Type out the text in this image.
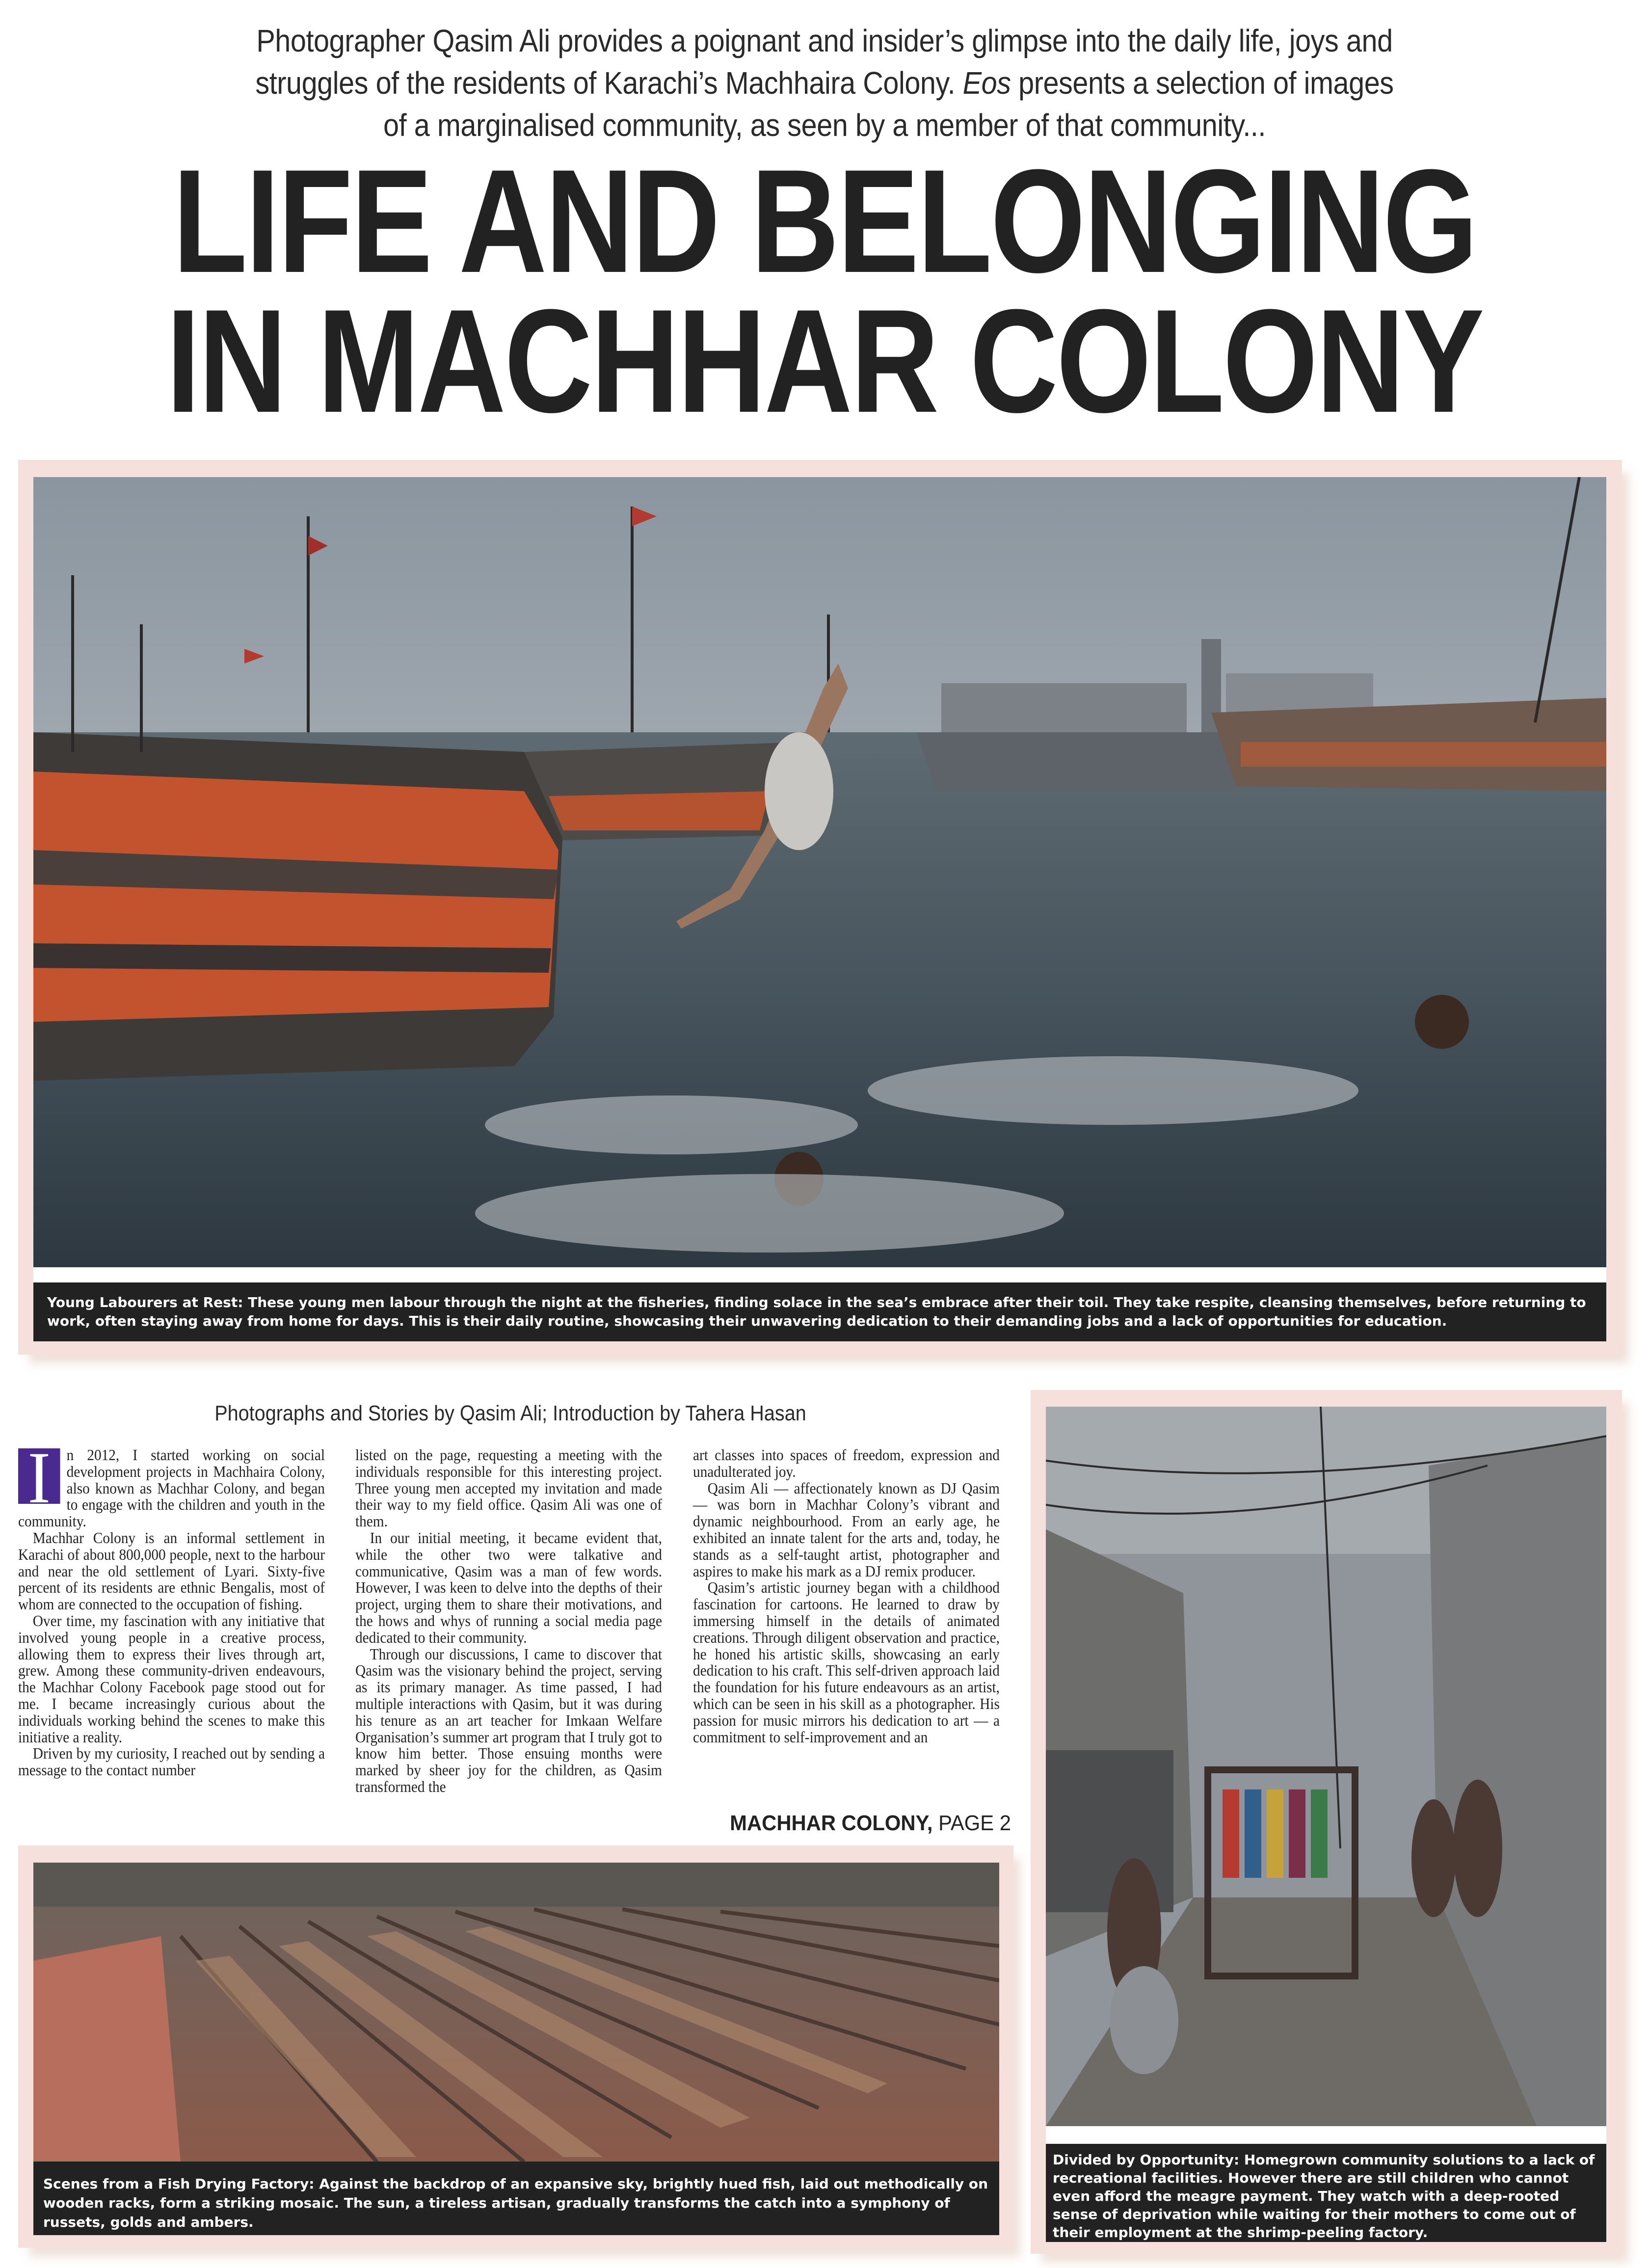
Photographer Qasim Ali provides a poignant and insider’s glimpse into the daily life, joys and
struggles of the residents of Karachi’s Machhaira Colony. Eos presents a selection of images
of a marginalised community, as seen by a member of that community...
LIFE AND BELONGING
IN MACHHAR COLONY
Young Labourers at Rest: These young men labour through the night at the fisheries, finding solace in the sea’s embrace after their toil. They take respite, cleansing themselves, before returning to work, often staying away from home for days. This is their daily routine, showcasing their unwavering dedication to their demanding jobs and a lack of opportunities for education.
Photographs and Stories by Qasim Ali; Introduction by Tahera Hasan

I	n 2012, I started working on social development projects in Machhaira Colony, also known as Machhar Colony, and began to engage with the children and youth in the community.

Machhar Colony is an informal settlement in Karachi of about 800,000 people, next to the harbour and near the old settlement of Lyari. Sixty-five percent of its residents are ethnic Bengalis, most of whom are connected to the occupation of fishing.

Over time, my fascination with any initiative that involved young people in a creative process, allowing them to express their lives through art, grew. Among these community-driven endeavours, the Machhar Colony Facebook page stood out for me. I became increasingly curious about the individuals working behind the scenes to make this initiative a reality.

Driven by my curiosity, I reached out by sending a message to the contact number

listed on the page, requesting a meeting with the individuals responsible for this interesting project. Three young men accepted my invitation and made their way to my field office. Qasim Ali was one of them.

In our initial meeting, it became evident that, while the other two were talkative and communicative, Qasim was a man of few words. However, I was keen to delve into the depths of their project, urging them to share their motivations, and the hows and whys of running a social media page dedicated to their community.

Through our discussions, I came to discover that Qasim was the visionary behind the project, serving as its primary manager. As time passed, I had multiple interactions with Qasim, but it was during his tenure as an art teacher for Imkaan Welfare Organisation’s summer art program that I truly got to know him better. Those ensuing months were marked by sheer joy for the children, as Qasim transformed the

art classes into spaces of freedom, expression and unadulterated joy.

Qasim Ali — affectionately known as DJ Qasim — was born in Machhar Colony’s vibrant and dynamic neighbourhood. From an early age, he exhibited an innate talent for the arts and, today, he stands as a self-taught artist, photographer and aspires to make his mark as a DJ remix producer.

Qasim’s artistic journey began with a childhood fascination for cartoons. He learned to draw by immersing himself in the details of animated creations. Through diligent observation and practice, he honed his artistic skills, showcasing an early dedication to his craft. This self-driven approach laid the foundation for his future endeavours as an artist, which can be seen in his skill as a photographer. His passion for music mirrors his dedication to art — a commitment to self-improvement and an

MACHHAR COLONY, PAGE 2
Scenes from a Fish Drying Factory: Against the backdrop of an expansive sky, brightly hued fish, laid out methodically on wooden racks, form a striking mosaic. The sun, a tireless artisan, gradually transforms the catch into a symphony of russets, golds and ambers.
Divided by Opportunity: Homegrown community solutions to a lack of recreational facilities. However there are still children who cannot even afford the meagre payment. They watch with a deep-rooted sense of deprivation while waiting for their mothers to come out of their employment at the shrimp-peeling factory.
